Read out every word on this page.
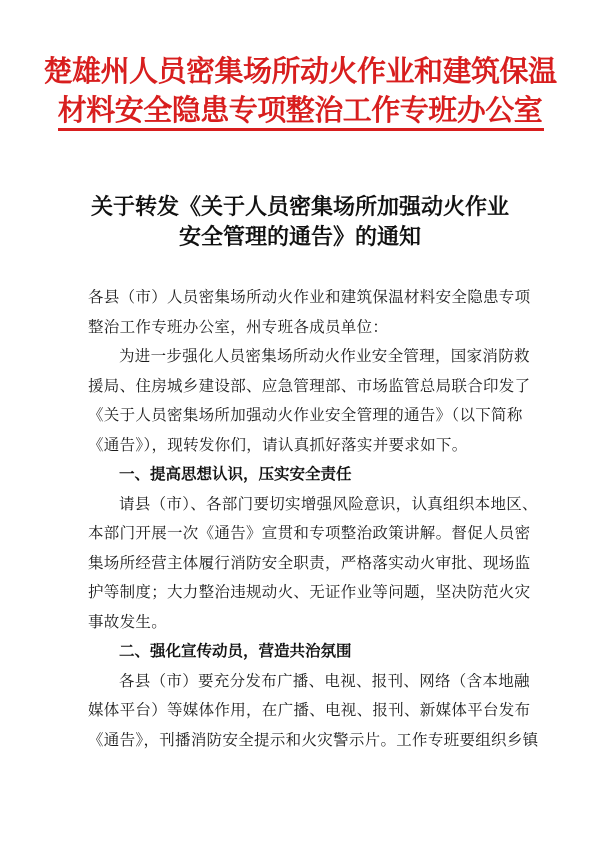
楚雄州人员密集场所动火作业和建筑保温
材料安全隐患专项整治工作专班办公室
关于转发《关于人员密集场所加强动火作业
安全管理的通告》的通知
各县（市）人员密集场所动火作业和建筑保温材料安全隐患专项
整治工作专班办公室，州专班各成员单位：
为进一步强化人员密集场所动火作业安全管理，国家消防救
援局、住房城乡建设部、应急管理部、市场监管总局联合印发了
《关于人员密集场所加强动火作业安全管理的通告》（以下简称
《通告》），现转发你们，请认真抓好落实并要求如下。
一、提高思想认识，压实安全责任
请县（市）、各部门要切实增强风险意识，认真组织本地区、
本部门开展一次《通告》宣贯和专项整治政策讲解。督促人员密
集场所经营主体履行消防安全职责，严格落实动火审批、现场监
护等制度；大力整治违规动火、无证作业等问题，坚决防范火灾
事故发生。
二、强化宣传动员，营造共治氛围
各县（市）要充分发布广播、电视、报刊、网络（含本地融
媒体平台）等媒体作用，在广播、电视、报刊、新媒体平台发布
《通告》，刊播消防安全提示和火灾警示片。工作专班要组织乡镇
